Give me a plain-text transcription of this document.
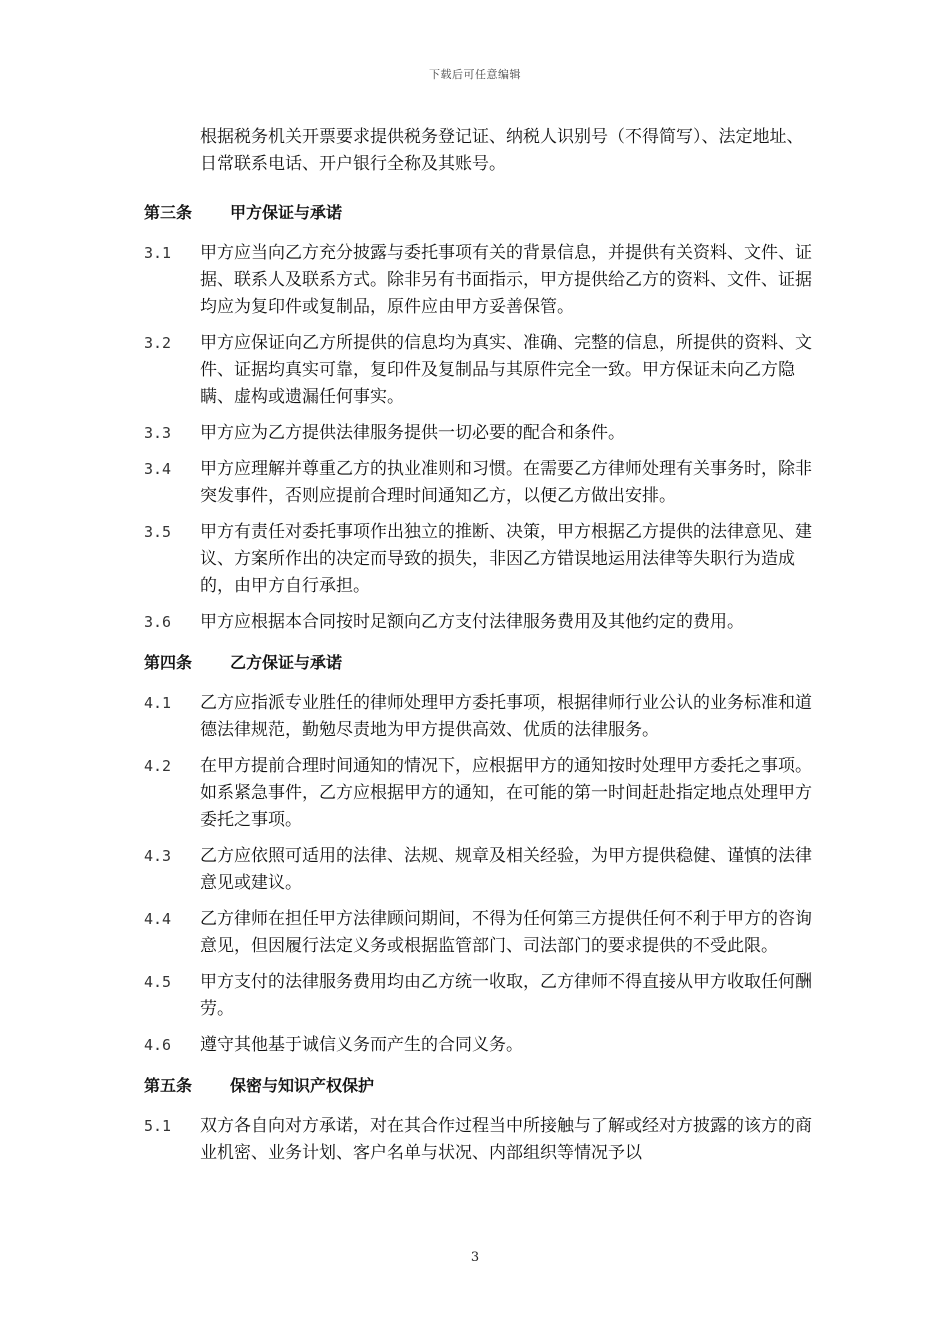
下载后可任意编辑

根据税务机关开票要求提供税务登记证、纳税人识别号（不得简写）、法定地址、日常联系电话、开户银行全称及其账号。

第三条	甲方保证与承诺
3.1	甲方应当向乙方充分披露与委托事项有关的背景信息，并提供有关资料、文件、证据、联系人及联系方式。除非另有书面指示，甲方提供给乙方的资料、文件、证据均应为复印件或复制品，原件应由甲方妥善保管。
3.2	甲方应保证向乙方所提供的信息均为真实、准确、完整的信息，所提供的资料、文件、证据均真实可靠，复印件及复制品与其原件完全一致。甲方保证未向乙方隐瞒、虚构或遗漏任何事实。
3.3	甲方应为乙方提供法律服务提供一切必要的配合和条件。
3.4	甲方应理解并尊重乙方的执业准则和习惯。在需要乙方律师处理有关事务时，除非突发事件，否则应提前合理时间通知乙方，以便乙方做出安排。
3.5	甲方有责任对委托事项作出独立的推断、决策，甲方根据乙方提供的法律意见、建议、方案所作出的决定而导致的损失，非因乙方错误地运用法律等失职行为造成的，由甲方自行承担。
3.6	甲方应根据本合同按时足额向乙方支付法律服务费用及其他约定的费用。
第四条	乙方保证与承诺
4.1	乙方应指派专业胜任的律师处理甲方委托事项，根据律师行业公认的业务标准和道德法律规范，勤勉尽责地为甲方提供高效、优质的法律服务。
4.2	在甲方提前合理时间通知的情况下，应根据甲方的通知按时处理甲方委托之事项。如系紧急事件，乙方应根据甲方的通知，在可能的第一时间赶赴指定地点处理甲方委托之事项。
4.3	乙方应依照可适用的法律、法规、规章及相关经验，为甲方提供稳健、谨慎的法律意见或建议。
4.4	乙方律师在担任甲方法律顾问期间，不得为任何第三方提供任何不利于甲方的咨询意见，但因履行法定义务或根据监管部门、司法部门的要求提供的不受此限。
4.5	甲方支付的法律服务费用均由乙方统一收取，乙方律师不得直接从甲方收取任何酬劳。
4.6	遵守其他基于诚信义务而产生的合同义务。
第五条	保密与知识产权保护
5.1	双方各自向对方承诺，对在其合作过程当中所接触与了解或经对方披露的该方的商业机密、业务计划、客户名单与状况、内部组织等情况予以
3
